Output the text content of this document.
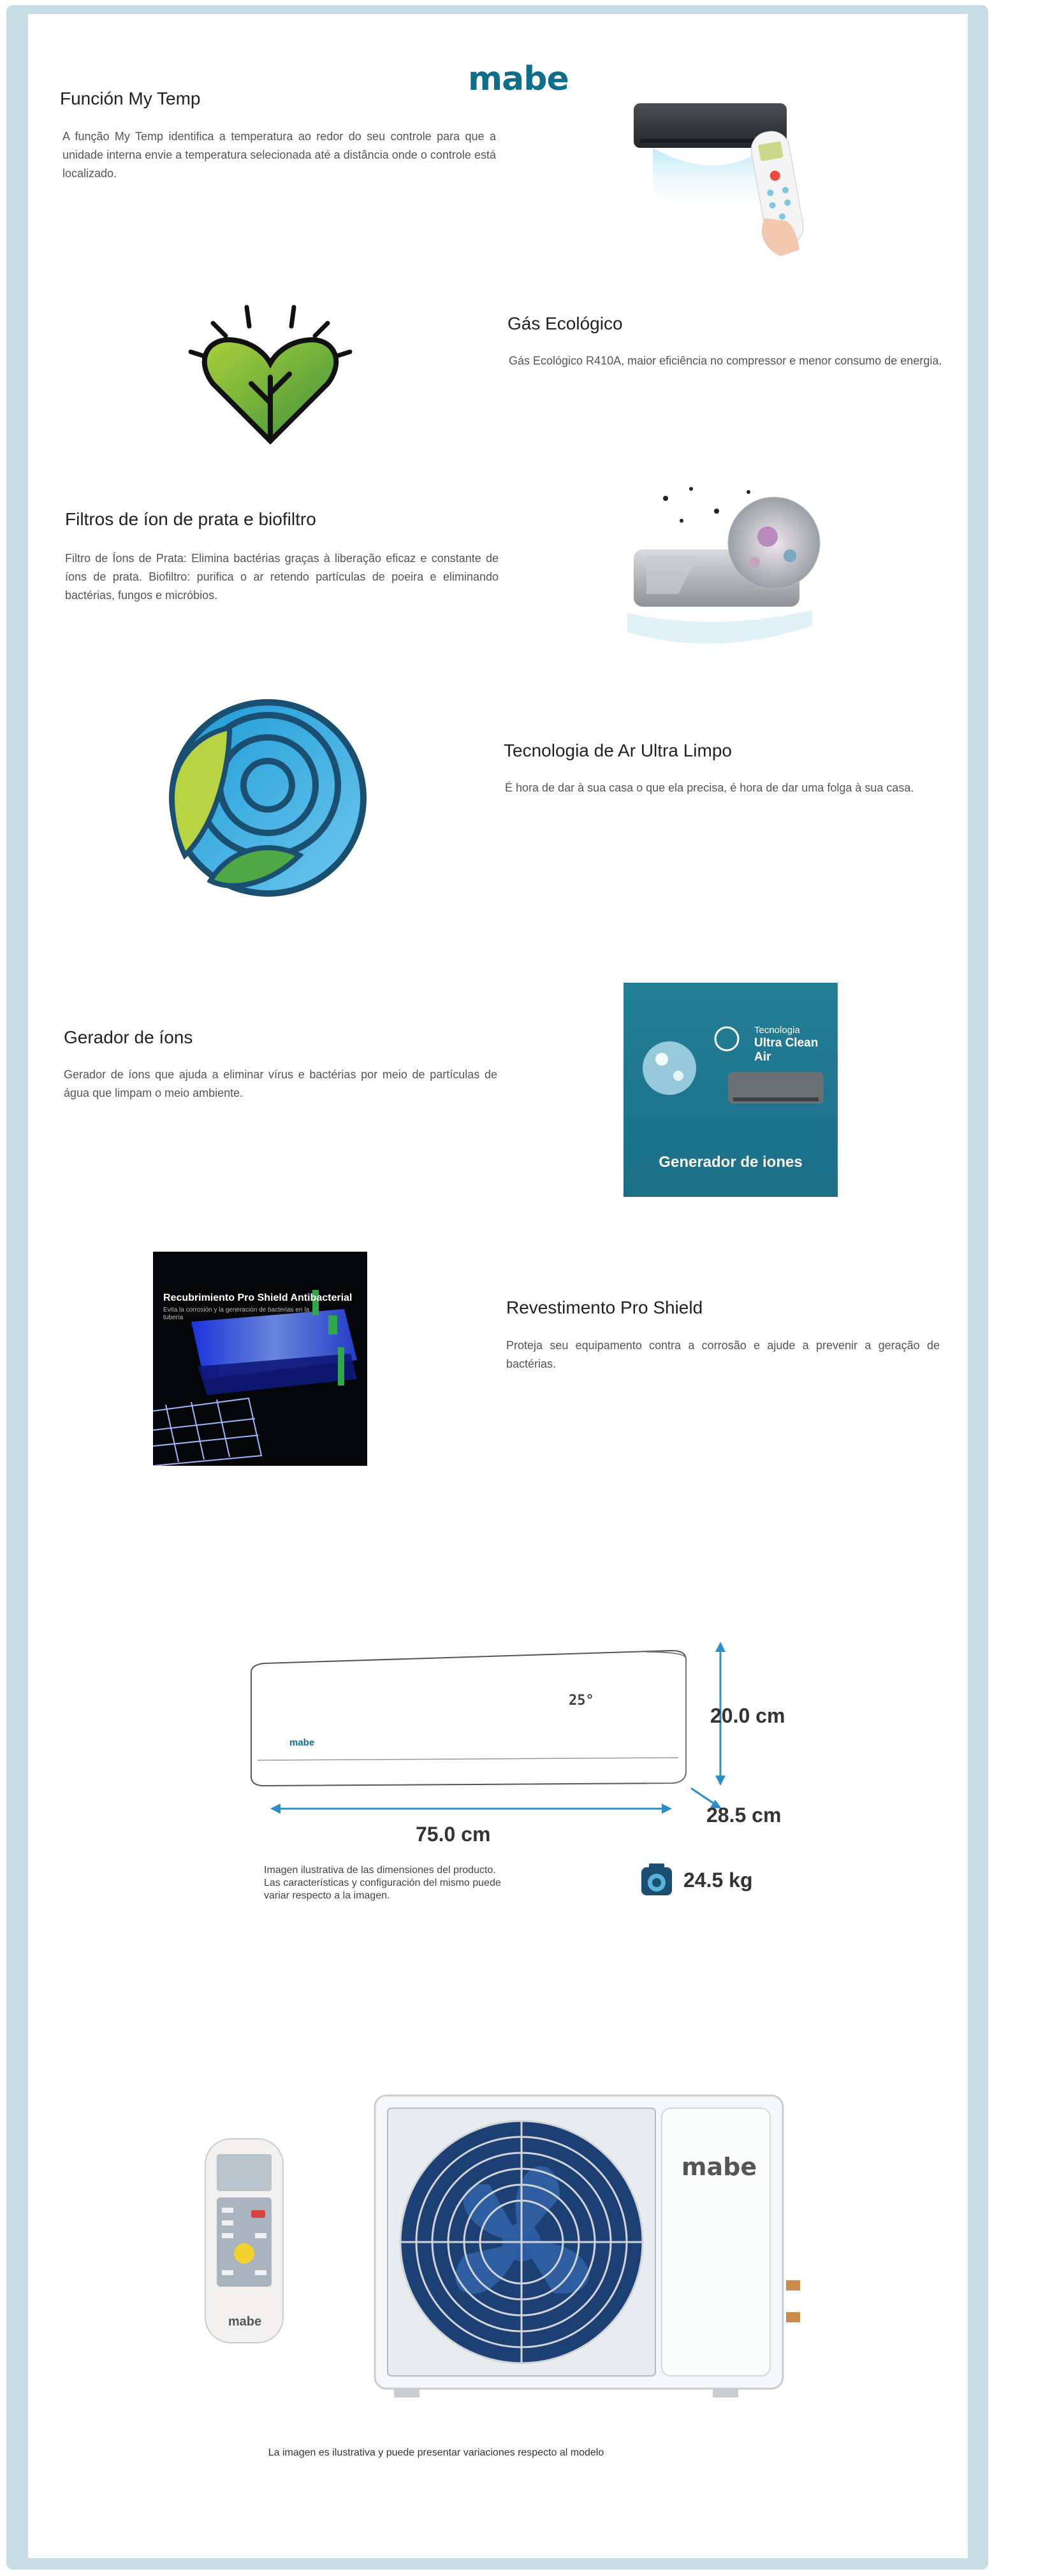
mabe
Función My Temp
A função My Temp identifica a temperatura ao redor do seu controle para que a unidade interna envie a temperatura selecionada até a distância onde o controle está localizado.
Gás Ecológico
Gás Ecológico R410A, maior eficiência no compressor e menor consumo de energia.
Filtros de íon de prata e biofiltro
Filtro de Íons de Prata: Elimina bactérias graças à liberação eficaz e constante de íons de prata. Biofiltro: purifica o ar retendo partículas de poeira e eliminando bactérias, fungos e micróbios.
Tecnologia de Ar Ultra Limpo
É hora de dar à sua casa o que ela precisa, é hora de dar uma folga à sua casa.
Gerador de íons
Gerador de íons que ajuda a eliminar vírus e bactérias por meio de partículas de água que limpam o meio ambiente.
Tecnologia
Ultra Clean Air
Generador de iones
Recubrimiento Pro Shield Antibacterial
Evita la corrosión y la generación de bacterias en la tubería
Revestimento Pro Shield
Proteja seu equipamento contra a corrosão e ajude a prevenir a geração de bactérias.
25°
mabe
20.0 cm
75.0 cm
28.5 cm
Imagen ilustrativa de las dimensiones del producto. Las características y configuración del mismo puede variar respecto a la imagen.
24.5 kg
mabe
mabe
La imagen es ilustrativa y puede presentar variaciones respecto al modelo
